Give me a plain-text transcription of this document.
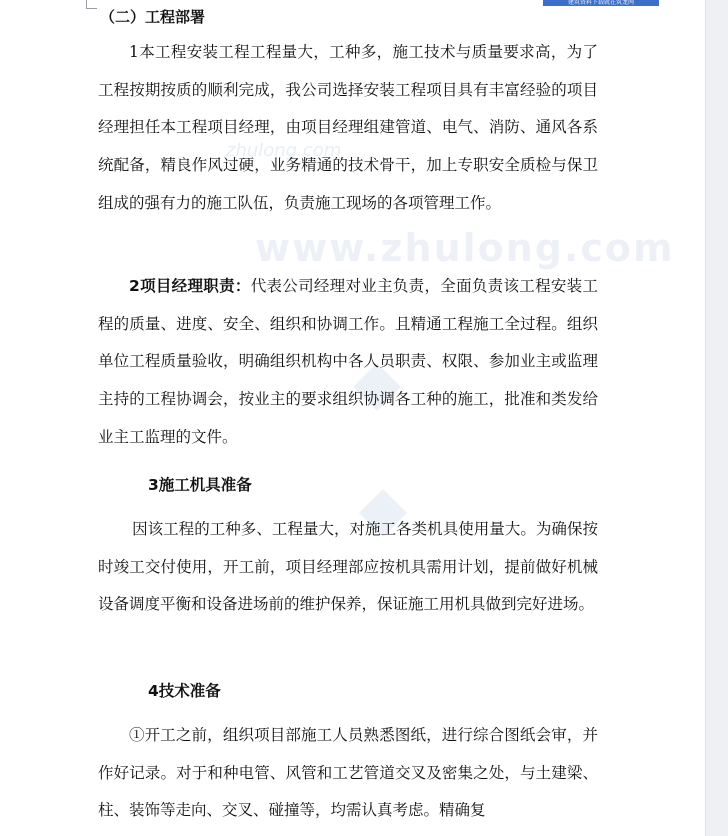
建筑资料下载就在筑龙网
zhulong.com
www.zhulong.com
（二）工程部署

1本工程安装工程工程量大，工种多，施工技术与质量要求高，为了工程按期按质的顺利完成，我公司选择安装工程项目具有丰富经验的项目经理担任本工程项目经理，由项目经理组建管道、电气、消防、通风各系统配备，精良作风过硬，业务精通的技术骨干，加上专职安全质检与保卫组成的强有力的施工队伍，负责施工现场的各项管理工作。

2项目经理职责：代表公司经理对业主负责，全面负责该工程安装工程的质量、进度、安全、组织和协调工作。且精通工程施工全过程。组织单位工程质量验收，明确组织机构中各人员职责、权限、参加业主或监理主持的工程协调会，按业主的要求组织协调各工种的施工，批准和类发给业主工监理的文件。

3施工机具准备

因该工程的工种多、工程量大，对施工各类机具使用量大。为确保按时竣工交付使用，开工前，项目经理部应按机具需用计划，提前做好机械设备调度平衡和设备进场前的维护保养，保证施工用机具做到完好进场。

4技术准备

①开工之前，组织项目部施工人员熟悉图纸，进行综合图纸会审，并作好记录。对于和种电管、风管和工艺管道交叉及密集之处，与土建梁、柱、装饰等走向、交叉、碰撞等，均需认真考虑。精确复
